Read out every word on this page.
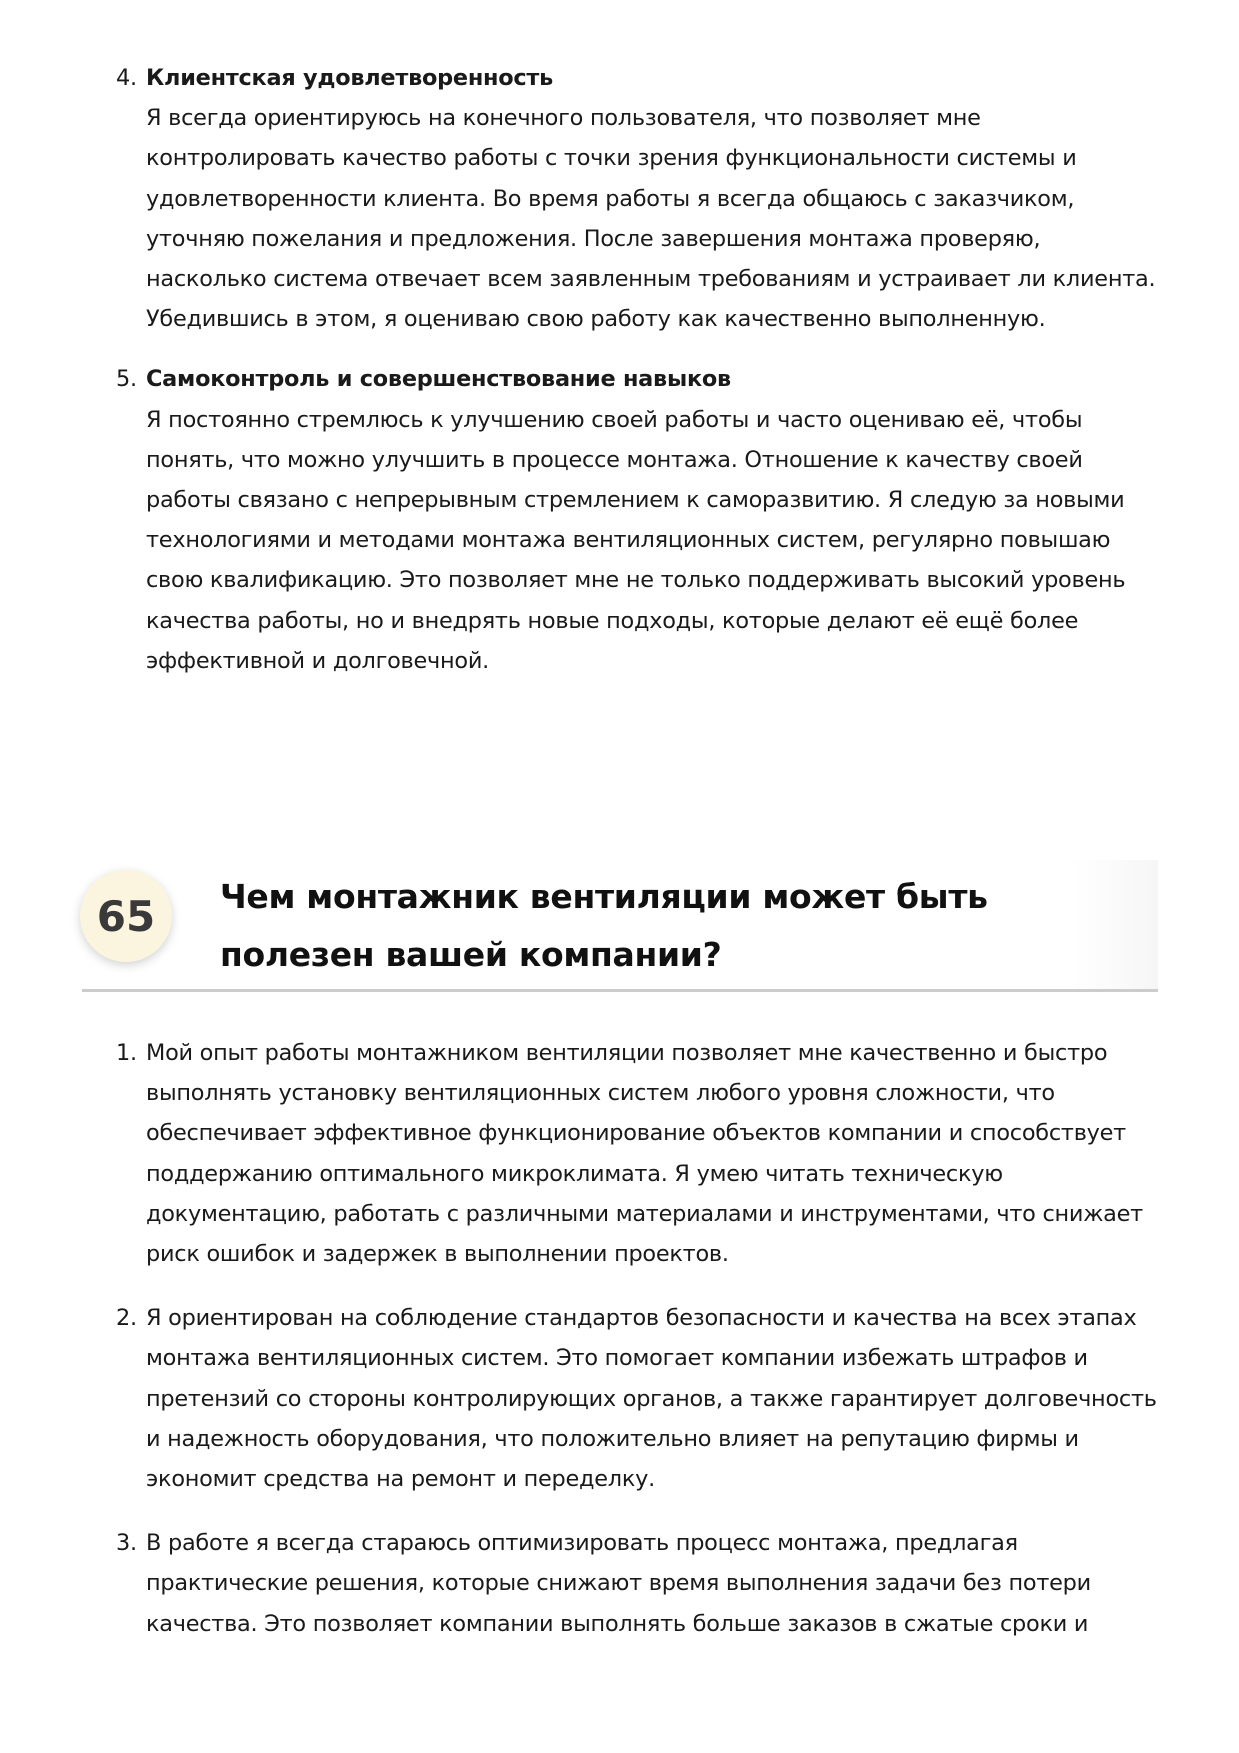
4. Клиентская удовлетворенность
Я всегда ориентируюсь на конечного пользователя, что позволяет мне контролировать качество работы с точки зрения функциональности системы и удовлетворенности клиента. Во время работы я всегда общаюсь с заказчиком, уточняю пожелания и предложения. После завершения монтажа проверяю, насколько система отвечает всем заявленным требованиям и устраивает ли клиента. Убедившись в этом, я оцениваю свою работу как качественно выполненную.
5. Самоконтроль и совершенствование навыков
Я постоянно стремлюсь к улучшению своей работы и часто оцениваю её, чтобы понять, что можно улучшить в процессе монтажа. Отношение к качеству своей работы связано с непрерывным стремлением к саморазвитию. Я следую за новыми технологиями и методами монтажа вентиляционных систем, регулярно повышаю свою квалификацию. Это позволяет мне не только поддерживать высокий уровень качества работы, но и внедрять новые подходы, которые делают её ещё более эффективной и долговечной.
65	Чем монтажник вентиляции может быть полезен вашей компании?
1. Мой опыт работы монтажником вентиляции позволяет мне качественно и быстро выполнять установку вентиляционных систем любого уровня сложности, что обеспечивает эффективное функционирование объектов компании и способствует поддержанию оптимального микроклимата. Я умею читать техническую документацию, работать с различными материалами и инструментами, что снижает риск ошибок и задержек в выполнении проектов.
2. Я ориентирован на соблюдение стандартов безопасности и качества на всех этапах монтажа вентиляционных систем. Это помогает компании избежать штрафов и претензий со стороны контролирующих органов, а также гарантирует долговечность и надежность оборудования, что положительно влияет на репутацию фирмы и экономит средства на ремонт и переделку.
3. В работе я всегда стараюсь оптимизировать процесс монтажа, предлагая практические решения, которые снижают время выполнения задачи без потери качества. Это позволяет компании выполнять больше заказов в сжатые сроки и
